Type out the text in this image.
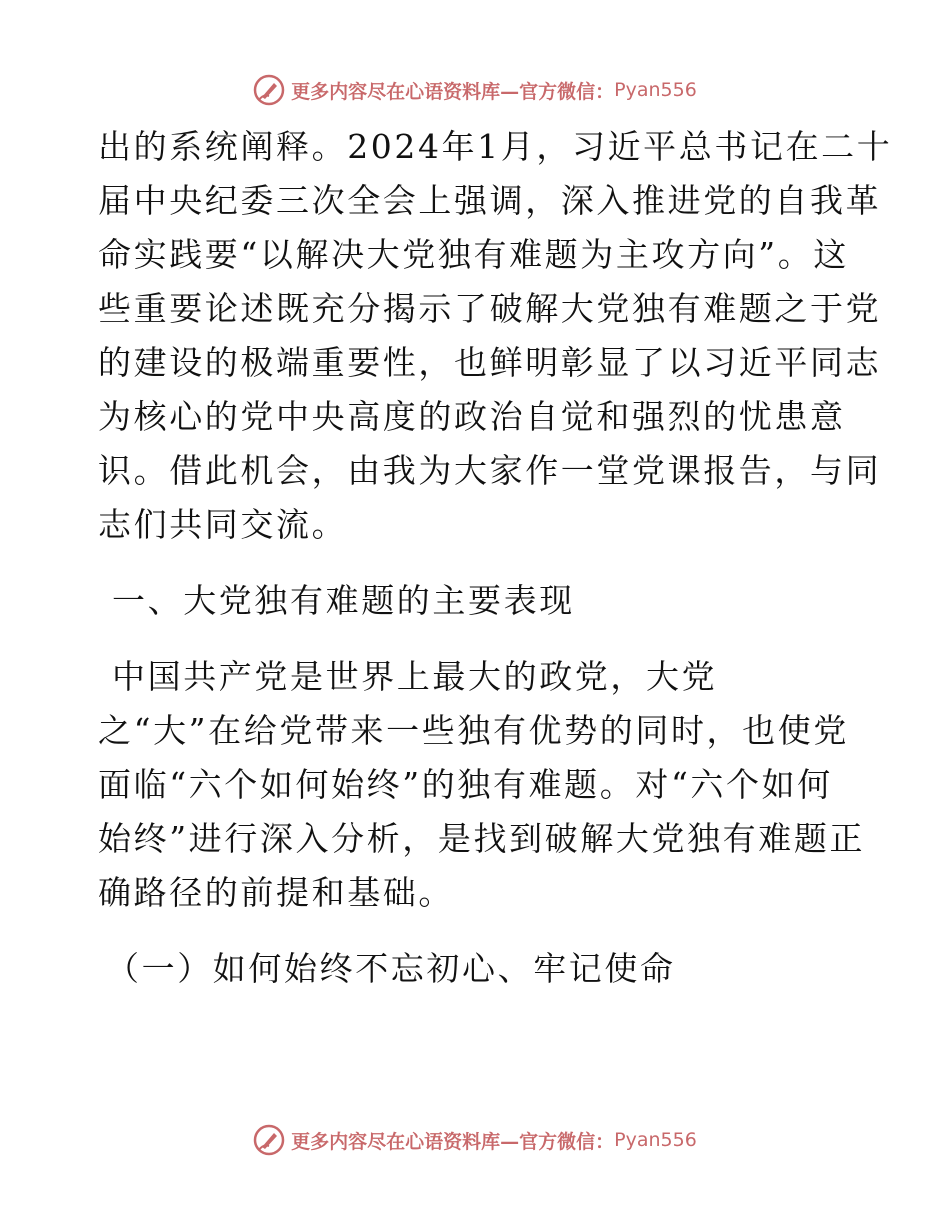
更多内容尽在心语资料库—官方微信： Pyan556
出的系统阐释。2024年1月，习近平总书记在二十
届中央纪委三次全会上强调，深入推进党的自我革
命实践要“以解决大党独有难题为主攻方向”。这
些重要论述既充分揭示了破解大党独有难题之于党
的建设的极端重要性，也鲜明彰显了以习近平同志
为核心的党中央高度的政治自觉和强烈的忧患意
识。借此机会，由我为大家作一堂党课报告，与同
志们共同交流。
一、大党独有难题的主要表现
中国共产党是世界上最大的政党，大党
之“大”在给党带来一些独有优势的同时，也使党
面临“六个如何始终”的独有难题。对“六个如何
始终”进行深入分析，是找到破解大党独有难题正
确路径的前提和基础。
（一）如何始终不忘初心、牢记使命
更多内容尽在心语资料库—官方微信： Pyan556
